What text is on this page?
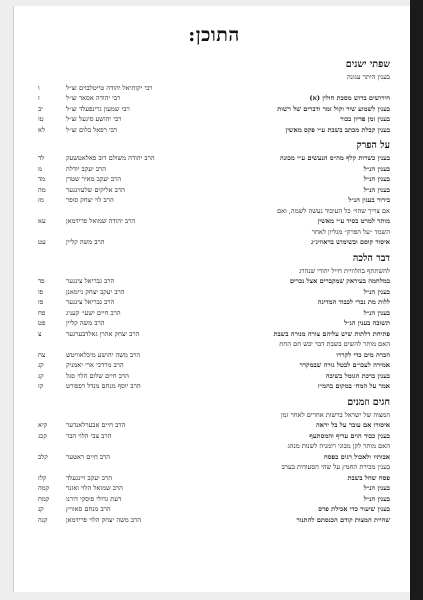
התוכן:
שפתי ישנים
בענין היתר עגונה
רבי יקותיאל יהודה טייטלבוים זצ״ל
ו
חירושים ברוש מסכת חולין (א)
רבי יהודה אסאד זצ״ל
ז
בענין לשמוע שיר וקול זמר ודברים של רשות
רבי שמעון גרינפעלד זצ״ל
יב
בענין זמן פדיון בכור
רבי יהושע סיגעל זצ״ל
טו
בענין קבלת מכתב בשבת ע״י פקס מאשין
רבי רפאל בלום זצ״ל
לא
על הפרק
בענין כשרות קלף מה״ס הנעשים ע״י מכונה
הרב יהודה משולם דוב פאלאטשעק
לד
בענין הנ״ל
הרב יעקב יודלה
מ
בענין הנ״ל
הרב יעקב מאיר שטרן
מד
בענין הנ״ל
הרב אליקים שלעזינגער
מה
בירור בענין הנ״ל
הרב לוי יצחק סופר
מז
אם צריך שהוי׳ כל העיבוד נעשה לשמה, ואם
מותר למרט בסיד ע״י מאשין
הרב יהודה שמואל פרידמאן
עא
השמד ״על הפרק״ מגליון לאחר
איסור קוסם ובשימוש בראוזינ״ג
הרב משה קליין
עט
דבר הלכה
להשתתף בהלוויית חייל יהודי שנהרג
במלחמה בעיראק שמקברים אצל נכרים
הרב גבריאל צינגער
פד
בענין הנ״ל
הרב יעקב יצחק ניימאנן
פו
ללות מת נכרי לכבוד המדינה
הרב גבריאל צינגער
פז
בענין הנ״ל
הרב חיים ישעי׳ קעניג
פח
תשובה בענין הנ״ל
הרב משה קליין
פט
פתיחת דלתות שיש עליהם צורה מנורה בשבת
הרב יצחק אהרן גאלדבערגער
צ
האם מותר להשים בשבת דבר יבש חם החת
הכרה מים כדי לקררו
הרב משה יהושע מיכלאוויטש
צח
אמירה לעכו״ם לבטל גורה שבמקרר
הרב מרדכי ארי יאמניק
קג
בענין ברכת הגומל בשיבה
הרב חיים שלום הלוי סגל
קג
אמר על המח׳ במקום בהמ״ז
הרב יוסף מנחם מנדל רפפורט
קז
חגים וזמנים
המצוה של ישראל ברשות אחרים לאחר זמן
איסורו אם עובר על בל יראה
הרב חיים אבערלאנדער
קיא
בענין כבוד הוים עדיף והמסתעף
הרב צבי הלוי הבר
קכג
האם מותר לקן מבוגי רומניה לשנות מנהג
אבותיו ולאכול רגים בפסח
הרב חיים ראטער
קלב
בענין מכירת החמץ על שהי הסעודות בערב
פסח שחל בשבת
הרב יעקב ויינגעלד
קלז
בענין הנ״ל
הרב שמואל הלוי ואזנר
קמה
בענין הנ״ל
דעת גדולי פוסקי דורנו
קמח
בענין שיעור כדי אכילת פרס
הרב מנחם סאוויץ
קנ
שהיית המצות קודם הכנסתם להתנור
הרב משה יצחק הלוי פרידמאן
קנה
